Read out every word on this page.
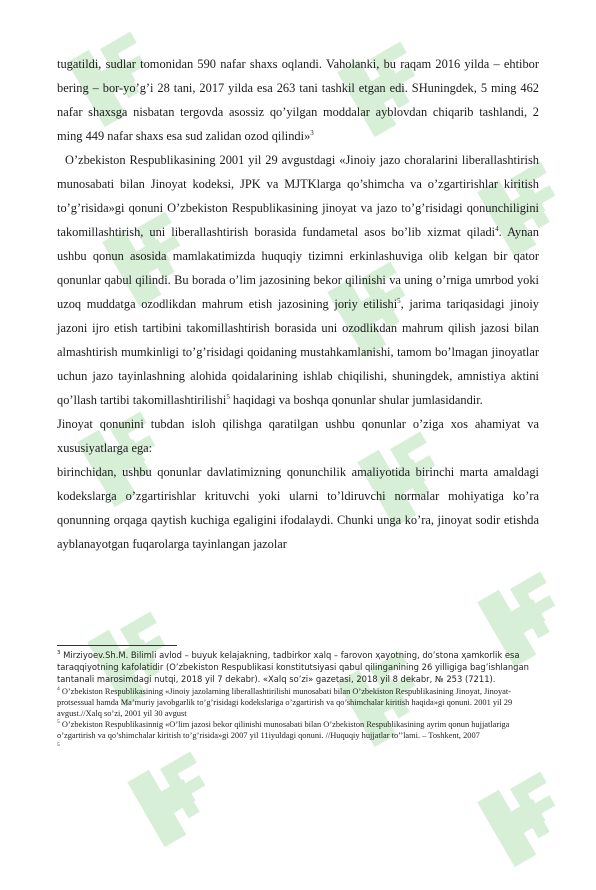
tugatildi, sudlar tomonidan 590 nafar shaxs oqlandi. Vaholanki, bu raqam 2016 yilda – ehtibor bering – bor-yo’g’i 28 tani, 2017 yilda esa 263 tani tashkil etgan edi. SHuningdek, 5 ming 462 nafar shaxsga nisbatan tergovda asossiz qo’yilgan moddalar ayblovdan chiqarib tashlandi, 2 ming 449 nafar shaxs esa sud zalidan ozod qilindi»$^3$
O’zbekiston Respublikasining 2001 yil 29 avgustdagi «Jinoiy jazo choralarini liberallashtirish munosabati bilan Jinoyat kodeksi, JPK va MJTKlarga qo’shimcha va o’zgartirishlar kiritish to’g’risida»gi qonuni O’zbekiston Respublikasining jinoyat va jazo to’g’risidagi qonunchiligini takomillashtirish, uni liberallashtirish borasida fundametal asos bo’lib xizmat qiladi$^4$. Aynan ushbu qonun asosida mamlakatimizda huquqiy tizimni erkinlashuviga olib kelgan bir qator qonunlar qabul qilindi. Bu borada o’lim jazosining bekor qilinishi va uning o’rniga umrbod yoki uzoq muddatga ozodlikdan mahrum etish jazosining joriy etilishi$^5$, jarima tariqasidagi jinoiy jazoni ijro etish tartibini takomillashtirish borasida uni ozodlikdan mahrum qilish jazosi bilan almashtirish mumkinligi to’g’risidagi qoidaning mustahkamlanishi, tamom bo’lmagan jinoyatlar uchun jazo tayinlashning alohida qoidalarining ishlab chiqilishi, shuningdek, amnistiya aktini qo’llash tartibi takomillashtirilishi$^5$ haqidagi va boshqa qonunlar shular jumlasidandir.
Jinoyat qonunini tubdan isloh qilishga qaratilgan ushbu qonunlar o’ziga xos ahamiyat va xususiyatlarga ega:
birinchidan, ushbu qonunlar davlatimizning qonunchilik amaliyotida birinchi marta amaldagi kodekslarga o’zgartirishlar krituvchi yoki ularni to’ldiruvchi normalar mohiyatiga ko’ra qonunning orqaga qaytish kuchiga egaligini ifodalaydi. Chunki unga ko’ra, jinoyat sodir etishda ayblanayotgan fuqarolarga tayinlangan jazolar

$^3$ Mirziyoev.Sh.M. Bilimli avlod – buyuk kelajakning, tadbirkor xalq – farovon ҳayotning, do’stona ҳamkorlik esa taraqqiyotning kafolatidir (O’zbekiston Respublikasi konstitutsiyasi qabul qilinganining 26 yilligiga bag’ishlangan tantanali marosimdagi nutqi, 2018 yil 7 dekabr). «Xalq so’zi» gazetasi, 2018 yil 8 dekabr, № 253 (7211).

$^4$ O’zbekiston Respublikasining «Jinoiy jazolarning liberallashtirilishi munosabati bilan O’zbekiston Respublikasining Jinoyat, Jinoyat-protsessual hamda Ma’muriy javobgarlik to’g’risidagi kodekslariga o’zgartirish va qo’shimchalar kiritish haqida»gi qonuni. 2001 yil 29 avgust.//Xalq so’zi, 2001 yil 30 avgust

$^5$ O’zbekiston Respublikasinnig «O’lim jazosi bekor qilinishi munosabati bilan O’zbekiston Respublikasining ayrim qonun hujjatlariga o’zgartirish va qo’shimchalar kiritish to’g’risida»gi 2007 yil 11iyuldagi qonuni. //Huquqiy hujjatlar to’’lami. – Toshkent, 2007

$^5$
